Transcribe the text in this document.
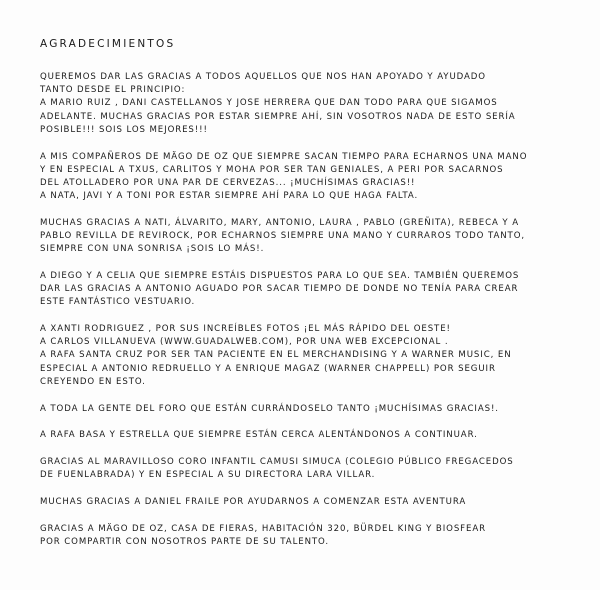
AGRADECIMIENTOS
QUEREMOS DAR LAS GRACIAS A TODOS AQUELLOS QUE NOS HAN APOYADO Y AYUDADO
TANTO DESDE EL PRINCIPIO:
A MARIO RUIZ , DANI CASTELLANOS Y JOSE HERRERA QUE DAN TODO PARA QUE SIGAMOS
ADELANTE. MUCHAS GRACIAS POR ESTAR SIEMPRE AHÍ, SIN VOSOTROS NADA DE ESTO SERÍA
POSIBLE!!! SOIS LOS MEJORES!!!
A MIS COMPAÑEROS DE MÄGO DE OZ QUE SIEMPRE SACAN TIEMPO PARA ECHARNOS UNA MANO
Y EN ESPECIAL A TXUS, CARLITOS Y MOHA POR SER TAN GENIALES, A PERI POR SACARNOS
DEL ATOLLADERO POR UNA PAR DE CERVEZAS... ¡MUCHÍSIMAS GRACIAS!!
A NATA, JAVI Y A TONI POR ESTAR SIEMPRE AHÍ PARA LO QUE HAGA FALTA.
MUCHAS GRACIAS A NATI, ÁLVARITO, MARY, ANTONIO, LAURA , PABLO (GREÑITA), REBECA Y A
PABLO REVILLA DE REVIROCK, POR ECHARNOS SIEMPRE UNA MANO Y CURRAROS TODO TANTO,
SIEMPRE CON UNA SONRISA ¡SOIS LO MÁS!.
A DIEGO Y A CELIA QUE SIEMPRE ESTÁIS DISPUESTOS PARA LO QUE SEA. TAMBIÉN QUEREMOS
DAR LAS GRACIAS A ANTONIO AGUADO POR SACAR TIEMPO DE DONDE NO TENÍA PARA CREAR
ESTE FANTÁSTICO VESTUARIO.
A XANTI RODRIGUEZ , POR SUS INCREÍBLES FOTOS ¡EL MÁS RÁPIDO DEL OESTE!
A CARLOS VILLANUEVA (WWW.GUADALWEB.COM), POR UNA WEB EXCEPCIONAL .
A RAFA SANTA CRUZ POR SER TAN PACIENTE EN EL MERCHANDISING Y A WARNER MUSIC, EN
ESPECIAL A ANTONIO REDRUELLO Y A ENRIQUE MAGAZ (WARNER CHAPPELL) POR SEGUIR
CREYENDO EN ESTO.
A TODA LA GENTE DEL FORO QUE ESTÁN CURRÁNDOSELO TANTO ¡MUCHÍSIMAS GRACIAS!.
A RAFA BASA Y ESTRELLA QUE SIEMPRE ESTÁN CERCA ALENTÁNDONOS A CONTINUAR.
GRACIAS AL MARAVILLOSO CORO INFANTIL CAMUSI SIMUCA (COLEGIO PÚBLICO FREGACEDOS
DE FUENLABRADA) Y EN ESPECIAL A SU DIRECTORA LARA VILLAR.
MUCHAS GRACIAS A DANIEL FRAILE POR AYUDARNOS A COMENZAR ESTA AVENTURA
GRACIAS A MÄGO DE OZ, CASA DE FIERAS, HABITACIÓN 320, BÜRDEL KING Y BIOSFEAR
POR COMPARTIR CON NOSOTROS PARTE DE SU TALENTO.
